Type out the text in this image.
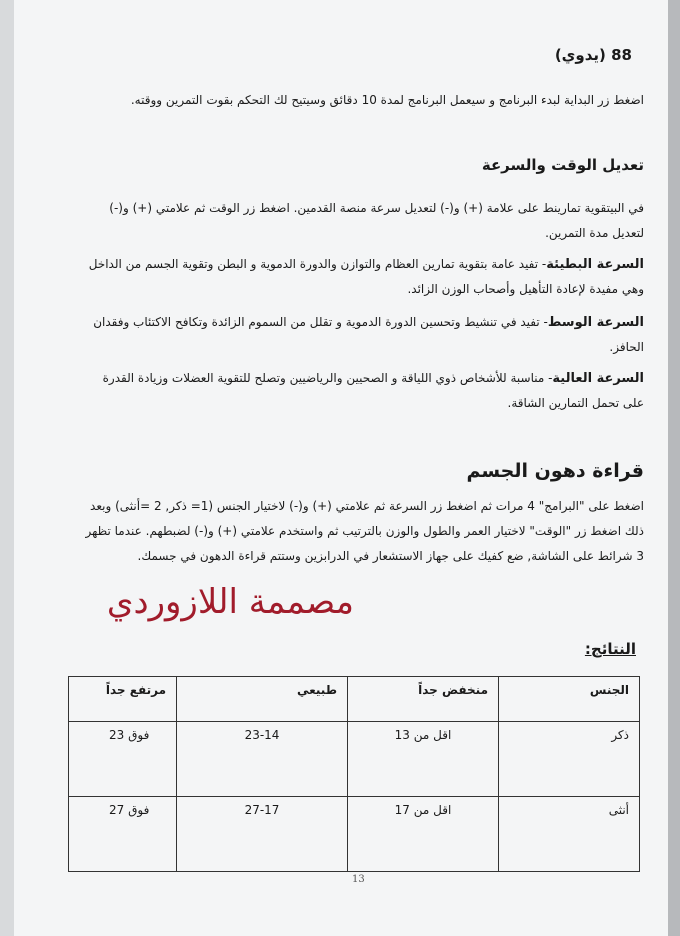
88 (يدوي)
اضغط زر البداية لبدء البرنامج و سيعمل البرنامج لمدة 10 دقائق وسيتيح لك التحكم بقوت التمرين ووقته.
تعديل الوقت والسرعة
في البيتقوية تمارينط على علامة (+) و(-) لتعديل سرعة منصة القدمين. اضغط زر الوقت ثم علامتي (+) و(-) لتعديل مدة التمرين.
السرعة البطيئة- تفيد عامة بتقوية تمارين العظام والتوازن والدورة الدموية و البطن وتقوية الجسم من الداخل وهي مفيدة لإعادة التأهيل وأصحاب الوزن الزائد.
السرعة الوسط- تفيد في تنشيط وتحسين الدورة الدموية و تقلل من السموم الزائدة وتكافح الاكتئاب وفقدان الحافز.
السرعة العالية- مناسبة للأشخاص ذوي اللياقة و الصحيين والرياضيين وتصلح للتقوية العضلات وزيادة القدرة على تحمل التمارين الشاقة.
قراءة دهون الجسم
اضغط على "البرامج" 4 مرات ثم اضغط زر السرعة ثم علامتي (+) و(-) لاختيار الجنس (1= ذكر, 2 =أنثى) وبعد ذلك اضغط زر "الوقت" لاختيار العمر والطول والوزن بالترتيب ثم واستخدم علامتي (+) و(-) لضبطهم. عندما تظهر 3 شرائط على الشاشة, ضع كفيك على جهاز الاستشعار في الدرابزين وستتم قراءة الدهون في جسمك.
مصممة اللازوردي
النتائج:
الجنس	منخفض جداً	طبيعي	مرتفع جداً
ذكر	اقل من 13	23-14	فوق 23
أنثى	اقل من 17	27-17	فوق 27
13
